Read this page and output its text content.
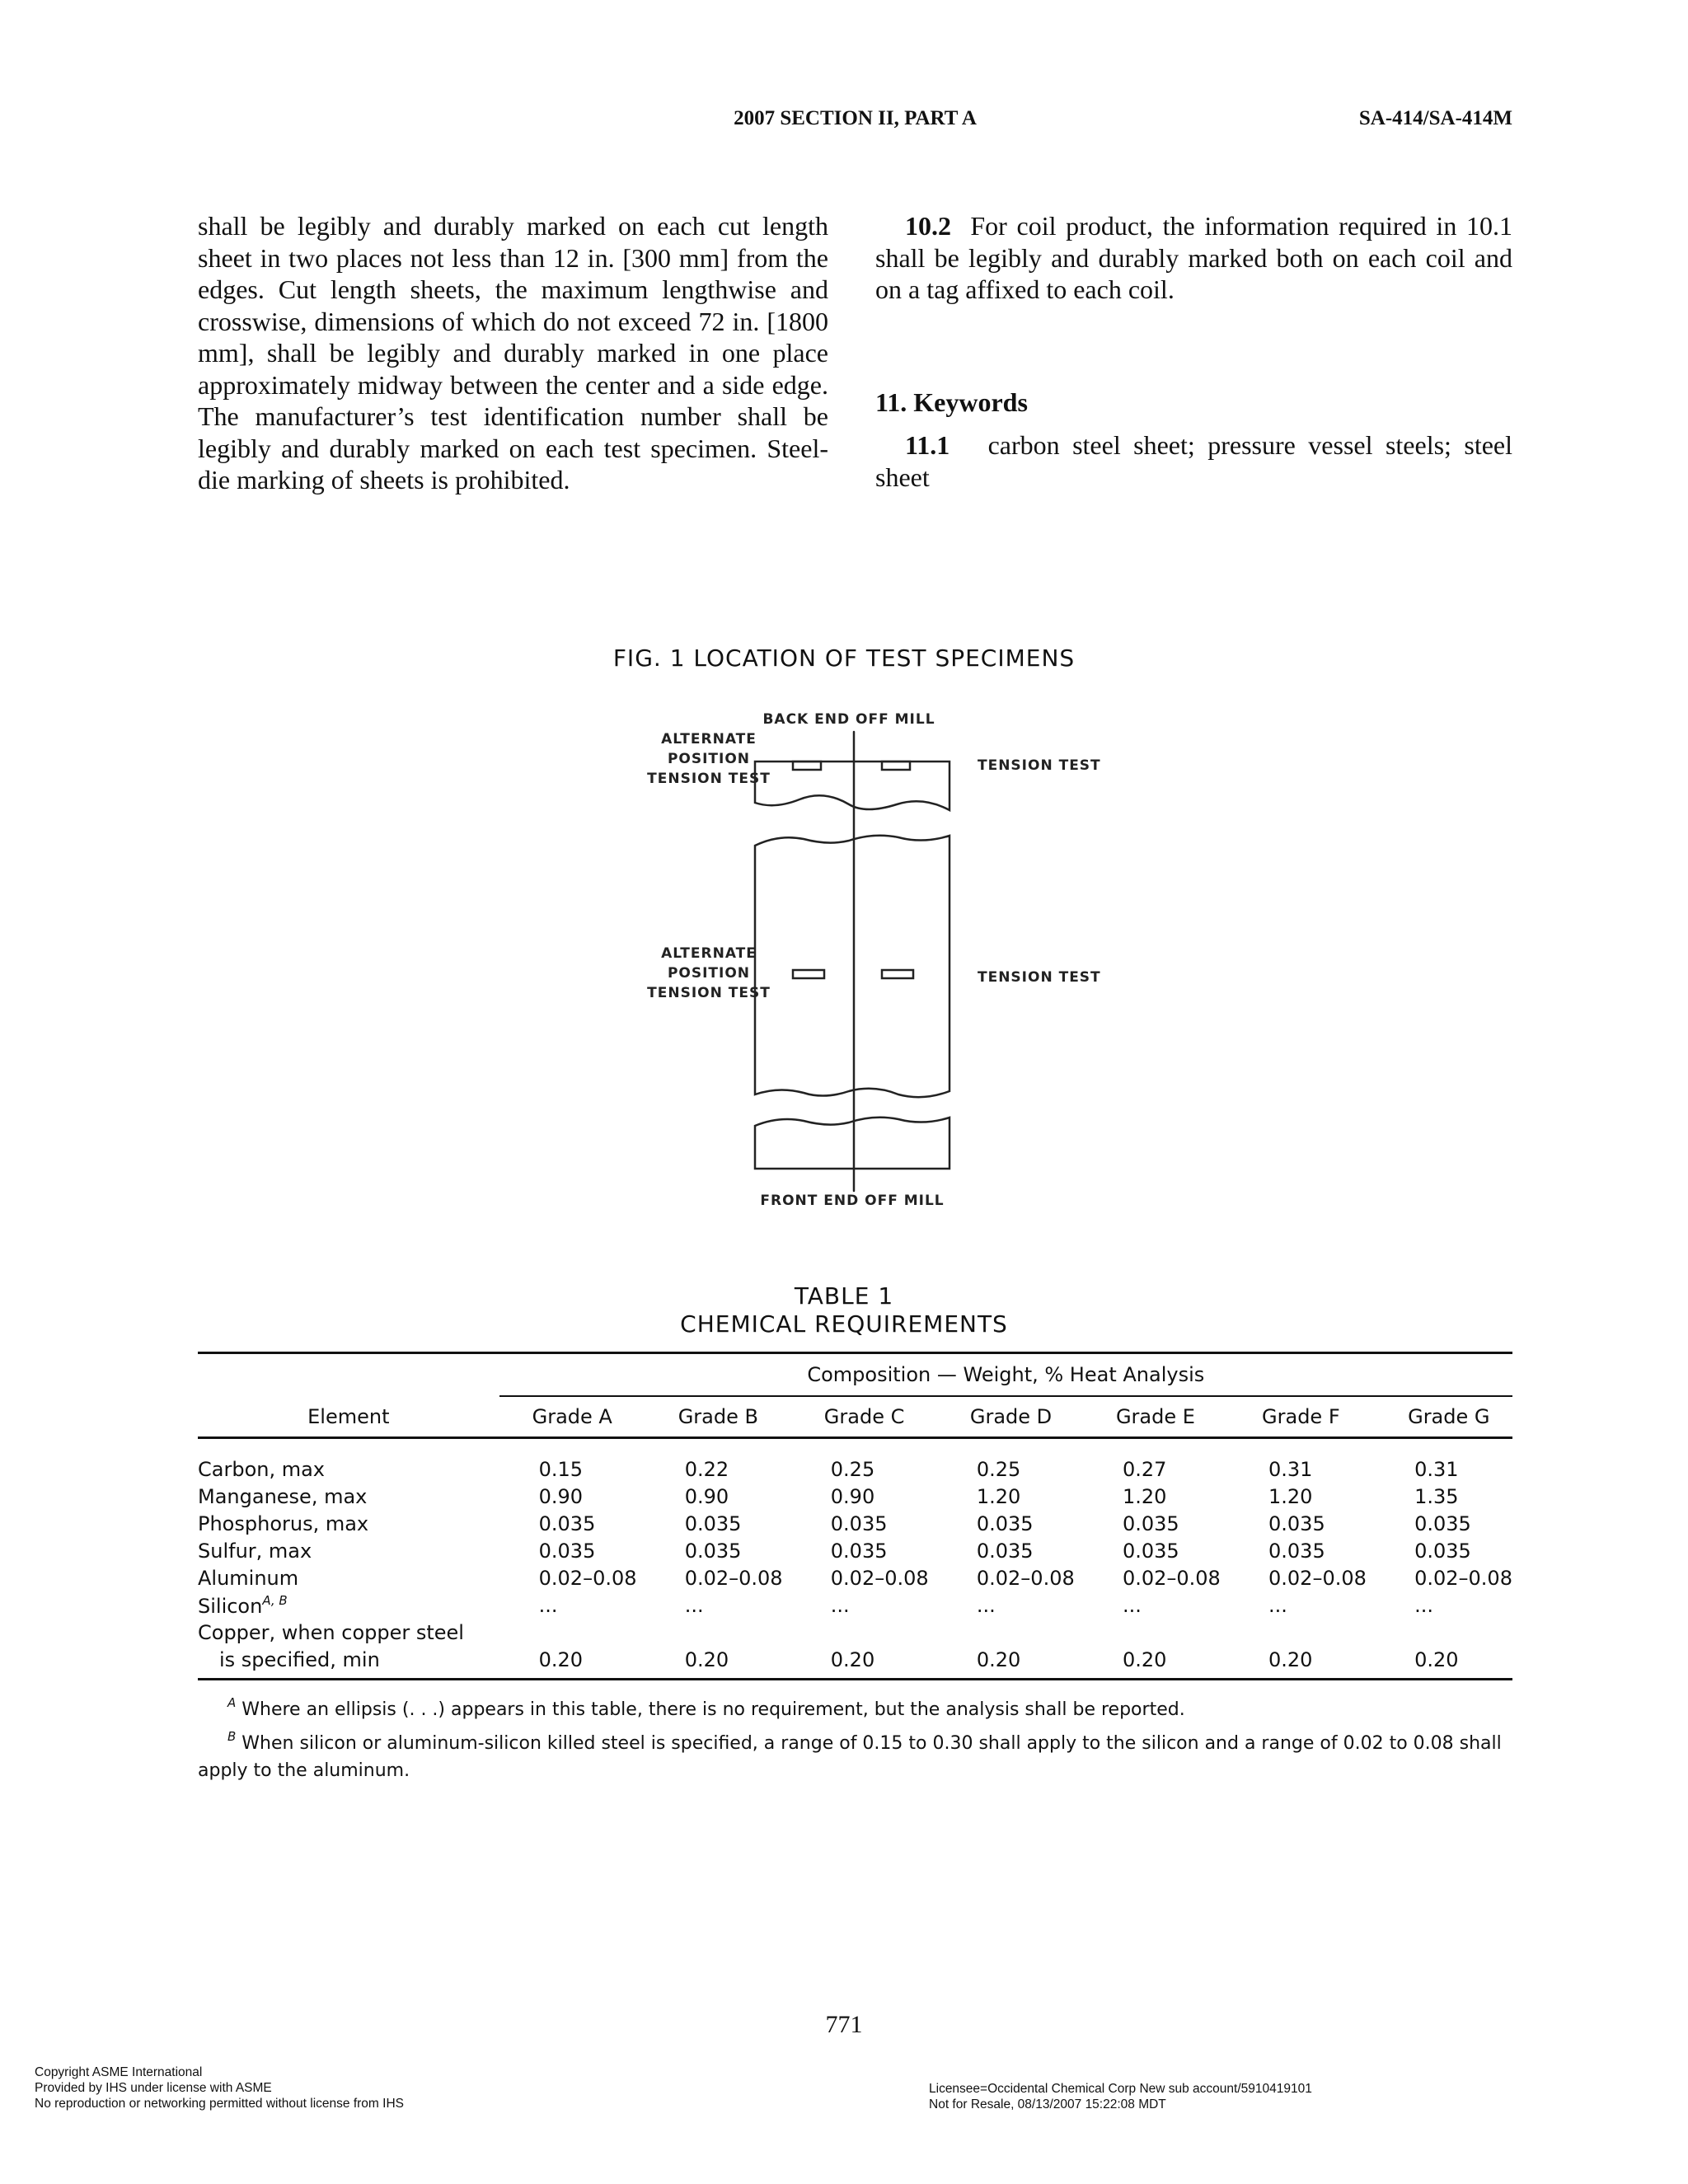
2007 SECTION II, PART A	SA-414/SA-414M

shall be legibly and durably marked on each cut length sheet in two places not less than 12 in. [300 mm] from the edges. Cut length sheets, the maximum lengthwise and crosswise, dimensions of which do not exceed 72 in. [1800 mm], shall be legibly and durably marked in one place approximately midway between the center and a side edge. The manufacturer’s test identification number shall be legibly and durably marked on each test specimen. Steel-die marking of sheets is prohibited.

10.2 For coil product, the information required in 10.1 shall be legibly and durably marked both on each coil and on a tag affixed to each coil.

11. Keywords

11.1 carbon steel sheet; pressure vessel steels; steel sheet

FIG. 1 LOCATION OF TEST SPECIMENS
BACK END OFF MILL
ALTERNATE
POSITION
TENSION TEST
TENSION TEST
ALTERNATE
POSITION
TENSION TEST
TENSION TEST
FRONT END OFF MILL
TABLE 1
CHEMICAL REQUIREMENTS
	Composition — Weight, % Heat Analysis						
Element	Grade A	Grade B	Grade C	Grade D	Grade E	Grade F	Grade G
Carbon, max	0.15	0.22	0.25	0.25	0.27	0.31	0.31
Manganese, max	0.90	0.90	0.90	1.20	1.20	1.20	1.35
Phosphorus, max	0.035	0.035	0.035	0.035	0.035	0.035	0.035
Sulfur, max	0.035	0.035	0.035	0.035	0.035	0.035	0.035
Aluminum	0.02–0.08	0.02–0.08	0.02–0.08	0.02–0.08	0.02–0.08	0.02–0.08	0.02–0.08
Silicon$^{A, B}$	...	...	...	...	...	...	...
Copper, when copper steel							
is specified, min	0.20	0.20	0.20	0.20	0.20	0.20	0.20

$^A$ Where an ellipsis (. . .) appears in this table, there is no requirement, but the analysis shall be reported.

$^B$ When silicon or aluminum-silicon killed steel is specified, a range of 0.15 to 0.30 shall apply to the silicon and a range of 0.02 to 0.08 shall apply to the aluminum.

771
Copyright ASME International
Provided by IHS under license with ASME
No reproduction or networking permitted without license from IHS
Licensee=Occidental Chemical Corp New sub account/5910419101
Not for Resale, 08/13/2007 15:22:08 MDT
